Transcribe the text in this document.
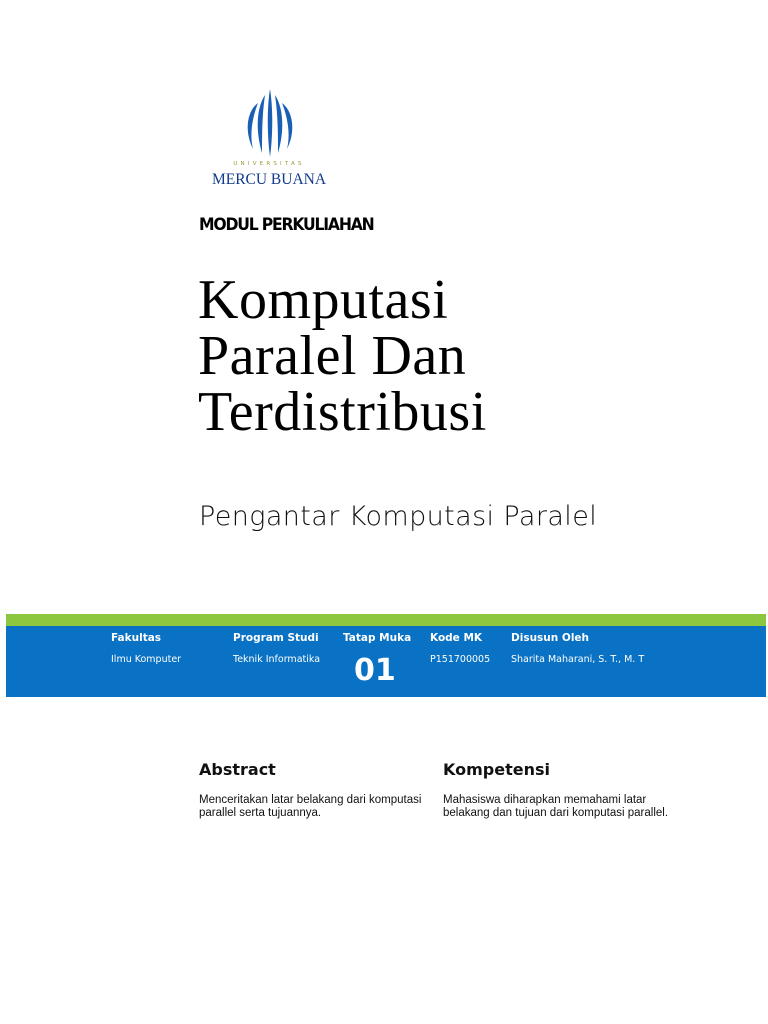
UNIVERSITAS
MERCU BUANA
MODUL PERKULIAHAN
Komputasi
Paralel Dan
Terdistribusi
Pengantar Komputasi Paralel
Fakultas
Ilmu Komputer
Program Studi
Teknik Informatika
Tatap Muka
01
Kode MK
P151700005
Disusun Oleh
Sharita Maharani, S. T., M. T
Abstract
Menceritakan latar belakang dari komputasi parallel serta tujuannya.
Kompetensi
Mahasiswa diharapkan memahami latar belakang dan tujuan dari komputasi parallel.
